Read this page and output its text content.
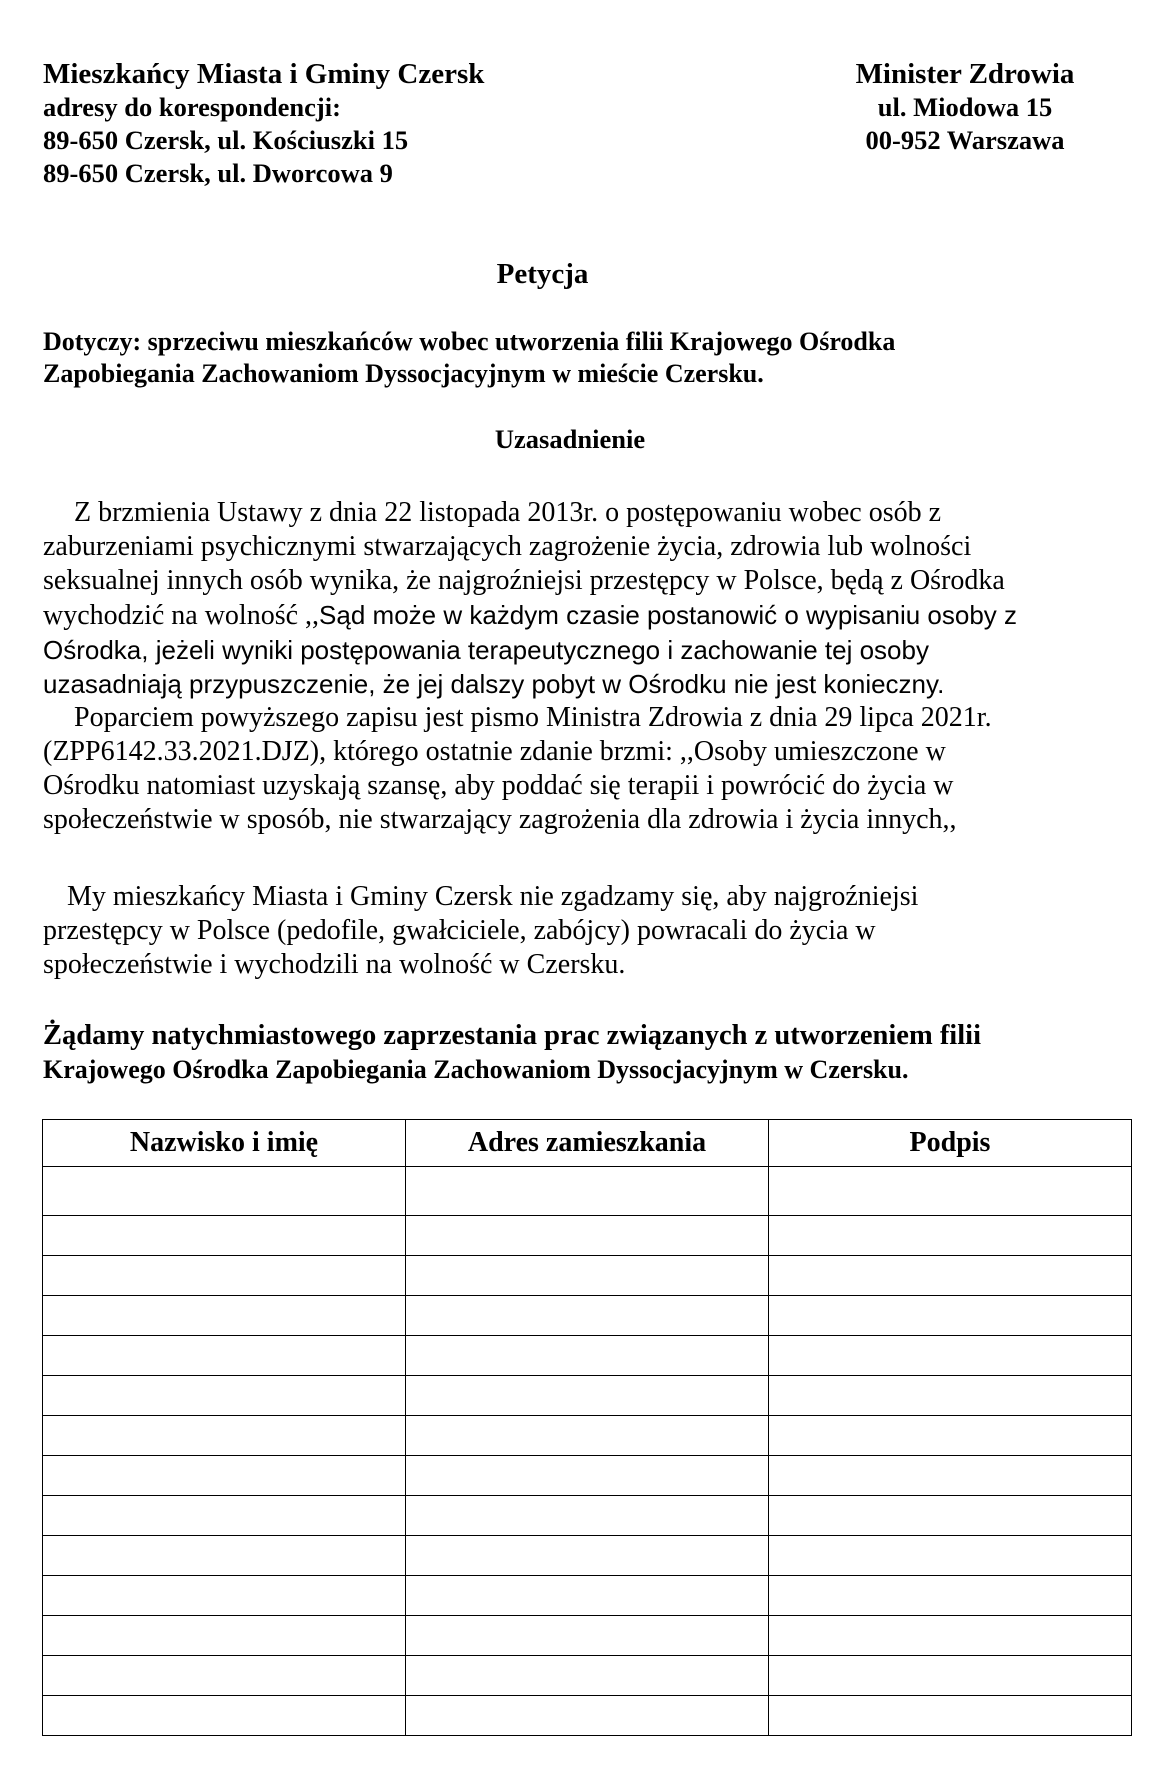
Mieszkańcy Miasta i Gminy Czersk
adresy do korespondencji:
89-650 Czersk, ul. Kościuszki 15
89-650 Czersk, ul. Dworcowa 9
Minister Zdrowia
ul. Miodowa 15
00-952 Warszawa
Petycja
Dotyczy: sprzeciwu mieszkańców wobec utworzenia filii Krajowego Ośrodka
Zapobiegania Zachowaniom Dyssocjacyjnym w mieście Czersku.
Uzasadnienie
Z brzmienia Ustawy z dnia 22 listopada 2013r. o postępowaniu wobec osób z
zaburzeniami psychicznymi stwarzających zagrożenie życia, zdrowia lub wolności
seksualnej innych osób wynika, że najgroźniejsi przestępcy w Polsce, będą z Ośrodka
wychodzić na wolność ,,Sąd może w każdym czasie postanowić o wypisaniu osoby z
Ośrodka, jeżeli wyniki postępowania terapeutycznego i zachowanie tej osoby
uzasadniają przypuszczenie, że jej dalszy pobyt w Ośrodku nie jest konieczny.
Poparciem powyższego zapisu jest pismo Ministra Zdrowia z dnia 29 lipca 2021r.
(ZPP6142.33.2021.DJZ), którego ostatnie zdanie brzmi: ,,Osoby umieszczone w
Ośrodku natomiast uzyskają szansę, aby poddać się terapii i powrócić do życia w
społeczeństwie w sposób, nie stwarzający zagrożenia dla zdrowia i życia innych,,
My mieszkańcy Miasta i Gminy Czersk nie zgadzamy się, aby najgroźniejsi
przestępcy w Polsce (pedofile, gwałciciele, zabójcy) powracali do życia w
społeczeństwie i wychodzili na wolność w Czersku.
Żądamy natychmiastowego zaprzestania prac związanych z utworzeniem filii
Krajowego Ośrodka Zapobiegania Zachowaniom Dyssocjacyjnym w Czersku.
Nazwisko i imię	Adres zamieszkania	Podpis
